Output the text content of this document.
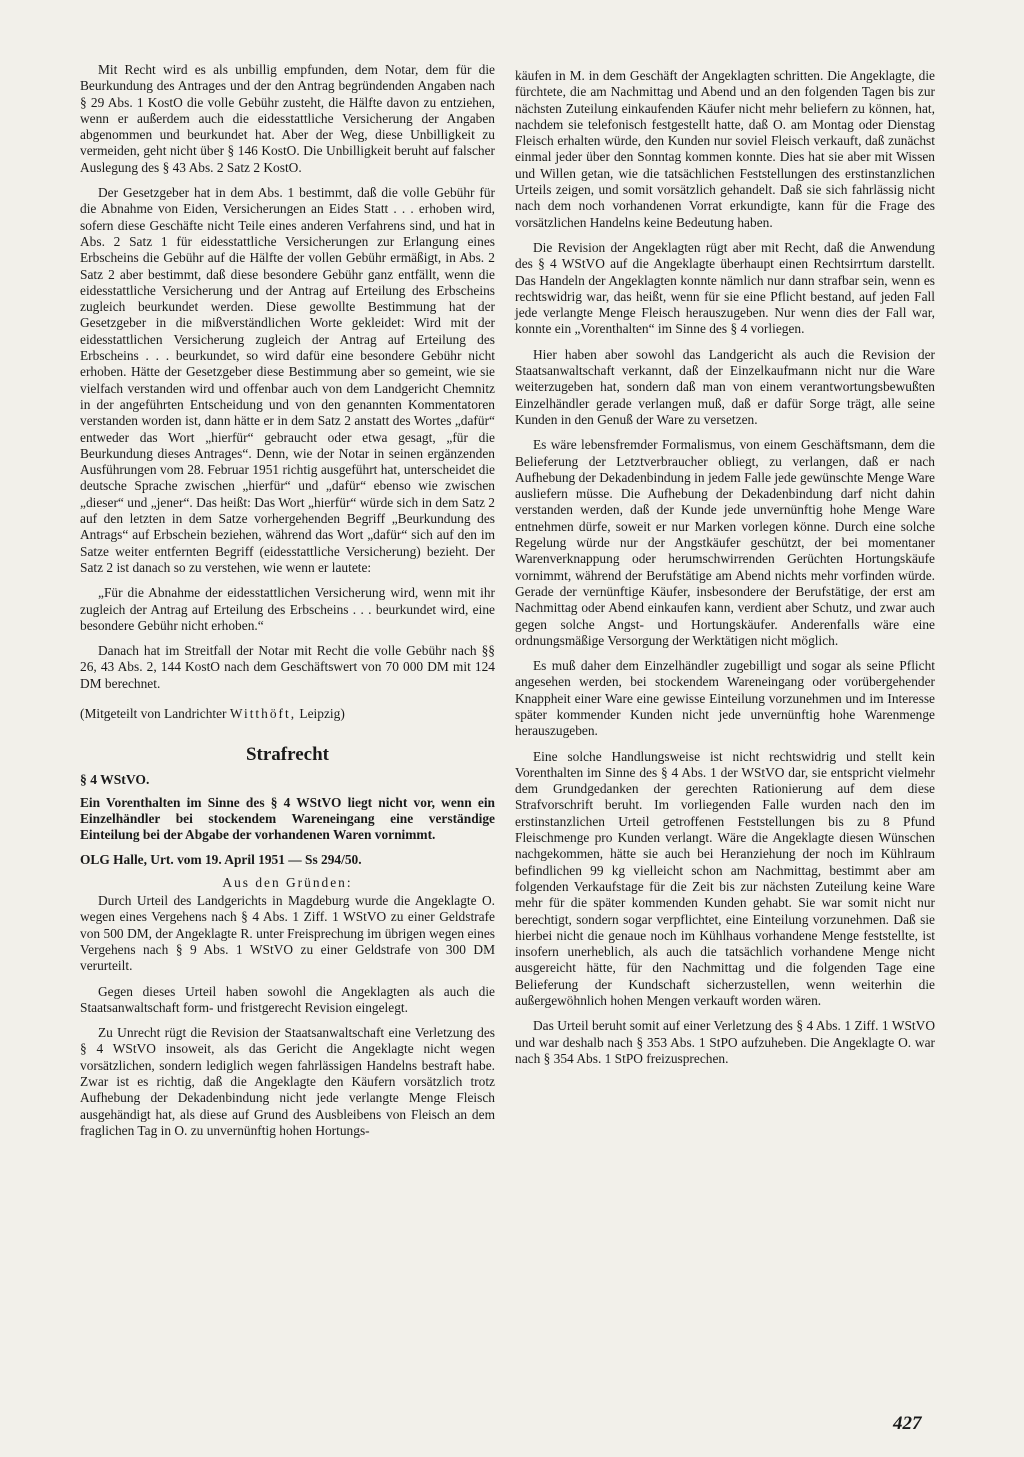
Mit Recht wird es als unbillig empfunden, dem Notar, dem für die Beurkundung des Antrages und der den Antrag begründenden Angaben nach § 29 Abs. 1 KostO die volle Gebühr zusteht, die Hälfte davon zu entziehen, wenn er außerdem auch die eidesstattliche Versicherung der Angaben abgenommen und beurkundet hat. Aber der Weg, diese Unbilligkeit zu vermeiden, geht nicht über § 146 KostO. Die Unbilligkeit beruht auf falscher Auslegung des § 43 Abs. 2 Satz 2 KostO.

Der Gesetzgeber hat in dem Abs. 1 bestimmt, daß die volle Gebühr für die Abnahme von Eiden, Versicherungen an Eides Statt . . . erhoben wird, sofern diese Geschäfte nicht Teile eines anderen Verfahrens sind, und hat in Abs. 2 Satz 1 für eidesstattliche Versicherungen zur Erlangung eines Erbscheins die Gebühr auf die Hälfte der vollen Gebühr ermäßigt, in Abs. 2 Satz 2 aber bestimmt, daß diese besondere Gebühr ganz entfällt, wenn die eidesstattliche Versicherung und der Antrag auf Erteilung des Erbscheins zugleich beurkundet werden. Diese gewollte Bestimmung hat der Gesetzgeber in die mißverständlichen Worte gekleidet: Wird mit der eidesstattlichen Versicherung zugleich der Antrag auf Erteilung des Erbscheins . . . beurkundet, so wird dafür eine besondere Gebühr nicht erhoben. Hätte der Gesetzgeber diese Bestimmung aber so gemeint, wie sie vielfach verstanden wird und offenbar auch von dem Landgericht Chemnitz in der angeführten Entscheidung und von den genannten Kommentatoren verstanden worden ist, dann hätte er in dem Satz 2 anstatt des Wortes „dafür“ entweder das Wort „hierfür“ gebraucht oder etwa gesagt, „für die Beurkundung dieses Antrages“. Denn, wie der Notar in seinen ergänzenden Ausführungen vom 28. Februar 1951 richtig ausgeführt hat, unterscheidet die deutsche Sprache zwischen „hierfür“ und „dafür“ ebenso wie zwischen „dieser“ und „jener“. Das heißt: Das Wort „hierfür“ würde sich in dem Satz 2 auf den letzten in dem Satze vorhergehenden Begriff „Beurkundung des Antrags“ auf Erbschein beziehen, während das Wort „dafür“ sich auf den im Satze weiter entfernten Begriff (eidesstattliche Versicherung) bezieht. Der Satz 2 ist danach so zu verstehen, wie wenn er lautete:

„Für die Abnahme der eidesstattlichen Versicherung wird, wenn mit ihr zugleich der Antrag auf Erteilung des Erbscheins . . . beurkundet wird, eine besondere Gebühr nicht erhoben.“

Danach hat im Streitfall der Notar mit Recht die volle Gebühr nach §§ 26, 43 Abs. 2, 144 KostO nach dem Geschäftswert von 70 000 DM mit 124 DM berechnet.

(Mitgeteilt von Landrichter Witthöft, Leipzig)

Strafrecht

§ 4 WStVO.

Ein Vorenthalten im Sinne des § 4 WStVO liegt nicht vor, wenn ein Einzelhändler bei stockendem Wareneingang eine verständige Einteilung bei der Abgabe der vorhandenen Waren vornimmt.

OLG Halle, Urt. vom 19. April 1951 — Ss 294/50.

Aus den Gründen:

Durch Urteil des Landgerichts in Magdeburg wurde die Angeklagte O. wegen eines Vergehens nach § 4 Abs. 1 Ziff. 1 WStVO zu einer Geldstrafe von 500 DM, der Angeklagte R. unter Freisprechung im übrigen wegen eines Vergehens nach § 9 Abs. 1 WStVO zu einer Geldstrafe von 300 DM verurteilt.

Gegen dieses Urteil haben sowohl die Angeklagten als auch die Staatsanwaltschaft form- und fristgerecht Revision eingelegt.

Zu Unrecht rügt die Revision der Staatsanwaltschaft eine Verletzung des § 4 WStVO insoweit, als das Gericht die Angeklagte nicht wegen vorsätzlichen, sondern lediglich wegen fahrlässigen Handelns bestraft habe. Zwar ist es richtig, daß die Angeklagte den Käufern vorsätzlich trotz Aufhebung der Dekadenbindung nicht jede verlangte Menge Fleisch ausgehändigt hat, als diese auf Grund des Ausbleibens von Fleisch an dem fraglichen Tag in O. zu unvernünftig hohen Hortungs-

käufen in M. in dem Geschäft der Angeklagten schritten. Die Angeklagte, die fürchtete, die am Nachmittag und Abend und an den folgenden Tagen bis zur nächsten Zuteilung einkaufenden Käufer nicht mehr beliefern zu können, hat, nachdem sie telefonisch festgestellt hatte, daß O. am Montag oder Dienstag Fleisch erhalten würde, den Kunden nur soviel Fleisch verkauft, daß zunächst einmal jeder über den Sonntag kommen konnte. Dies hat sie aber mit Wissen und Willen getan, wie die tatsächlichen Feststellungen des erstinstanzlichen Urteils zeigen, und somit vorsätzlich gehandelt. Daß sie sich fahrlässig nicht nach dem noch vorhandenen Vorrat erkundigte, kann für die Frage des vorsätzlichen Handelns keine Bedeutung haben.

Die Revision der Angeklagten rügt aber mit Recht, daß die Anwendung des § 4 WStVO auf die Angeklagte überhaupt einen Rechtsirrtum darstellt. Das Handeln der Angeklagten konnte nämlich nur dann strafbar sein, wenn es rechtswidrig war, das heißt, wenn für sie eine Pflicht bestand, auf jeden Fall jede verlangte Menge Fleisch herauszugeben. Nur wenn dies der Fall war, konnte ein „Vorenthalten“ im Sinne des § 4 vorliegen.

Hier haben aber sowohl das Landgericht als auch die Revision der Staatsanwaltschaft verkannt, daß der Einzelkaufmann nicht nur die Ware weiterzugeben hat, sondern daß man von einem verantwortungsbewußten Einzelhändler gerade verlangen muß, daß er dafür Sorge trägt, alle seine Kunden in den Genuß der Ware zu versetzen.

Es wäre lebensfremder Formalismus, von einem Geschäftsmann, dem die Belieferung der Letztverbraucher obliegt, zu verlangen, daß er nach Aufhebung der Dekadenbindung in jedem Falle jede gewünschte Menge Ware ausliefern müsse. Die Aufhebung der Dekadenbindung darf nicht dahin verstanden werden, daß der Kunde jede unvernünftig hohe Menge Ware entnehmen dürfe, soweit er nur Marken vorlegen könne. Durch eine solche Regelung würde nur der Angstkäufer geschützt, der bei momentaner Warenverknappung oder herumschwirrenden Gerüchten Hortungskäufe vornimmt, während der Berufstätige am Abend nichts mehr vorfinden würde. Gerade der vernünftige Käufer, insbesondere der Berufstätige, der erst am Nachmittag oder Abend einkaufen kann, verdient aber Schutz, und zwar auch gegen solche Angst- und Hortungskäufer. Anderenfalls wäre eine ordnungsmäßige Versorgung der Werktätigen nicht möglich.

Es muß daher dem Einzelhändler zugebilligt und sogar als seine Pflicht angesehen werden, bei stockendem Wareneingang oder vorübergehender Knappheit einer Ware eine gewisse Einteilung vorzunehmen und im Interesse später kommender Kunden nicht jede unvernünftig hohe Warenmenge herauszugeben.

Eine solche Handlungsweise ist nicht rechtswidrig und stellt kein Vorenthalten im Sinne des § 4 Abs. 1 der WStVO dar, sie entspricht vielmehr dem Grundgedanken der gerechten Rationierung auf dem diese Strafvorschrift beruht. Im vorliegenden Falle wurden nach den im erstinstanzlichen Urteil getroffenen Feststellungen bis zu 8 Pfund Fleischmenge pro Kunden verlangt. Wäre die Angeklagte diesen Wünschen nachgekommen, hätte sie auch bei Heranziehung der noch im Kühlraum befindlichen 99 kg vielleicht schon am Nachmittag, bestimmt aber am folgenden Verkaufstage für die Zeit bis zur nächsten Zuteilung keine Ware mehr für die später kommenden Kunden gehabt. Sie war somit nicht nur berechtigt, sondern sogar verpflichtet, eine Einteilung vorzunehmen. Daß sie hierbei nicht die genaue noch im Kühlhaus vorhandene Menge feststellte, ist insofern unerheblich, als auch die tatsächlich vorhandene Menge nicht ausgereicht hätte, für den Nachmittag und die folgenden Tage eine Belieferung der Kundschaft sicherzustellen, wenn weiterhin die außergewöhnlich hohen Mengen verkauft worden wären.

Das Urteil beruht somit auf einer Verletzung des § 4 Abs. 1 Ziff. 1 WStVO und war deshalb nach § 353 Abs. 1 StPO aufzuheben. Die Angeklagte O. war nach § 354 Abs. 1 StPO freizusprechen.

427
